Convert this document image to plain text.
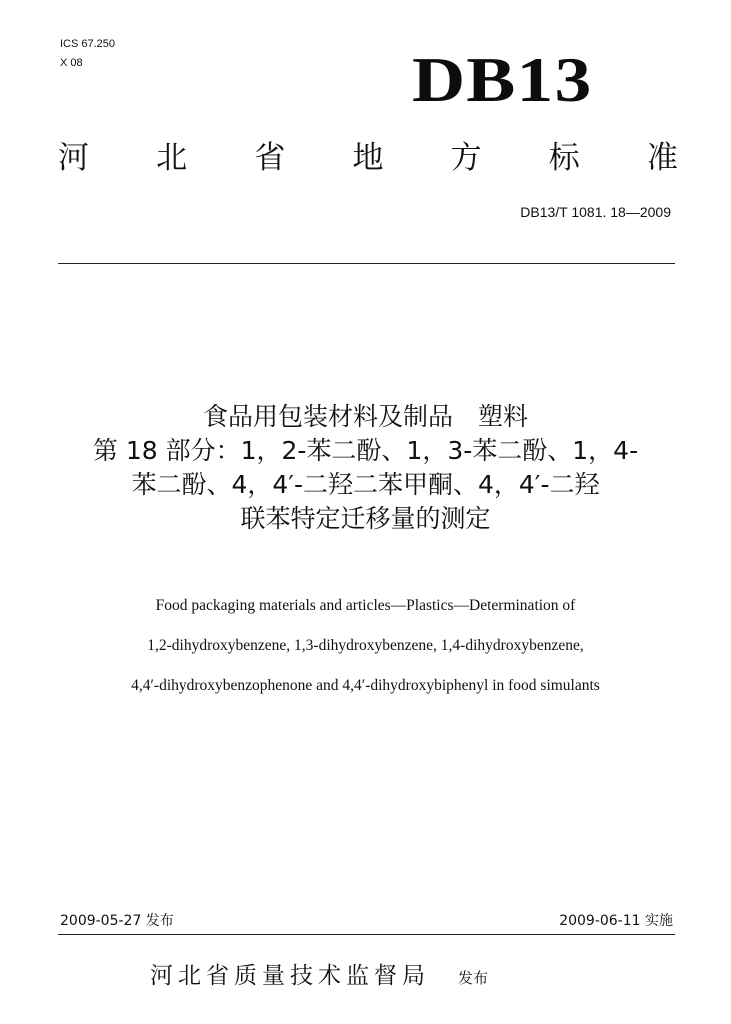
ICS 67.250
X 08	DB13
河 北 省 地 方 标 准
DB13/T 1081. 18—2009
食品用包装材料及制品　塑料
第 18 部分：1，2-苯二酚、1，3-苯二酚、1，4-
苯二酚、4，4′-二羟二苯甲酮、4，4′-二羟
联苯特定迁移量的测定
Food packaging materials and articles—Plastics—Determination of
1,2-dihydroxybenzene, 1,3-dihydroxybenzene, 1,4-dihydroxybenzene,
4,4′-dihydroxybenzophenone and 4,4′-dihydroxybiphenyl in food simulants
2009-05-27 发布	2009-06-11 实施
河北省质量技术监督局 发布
